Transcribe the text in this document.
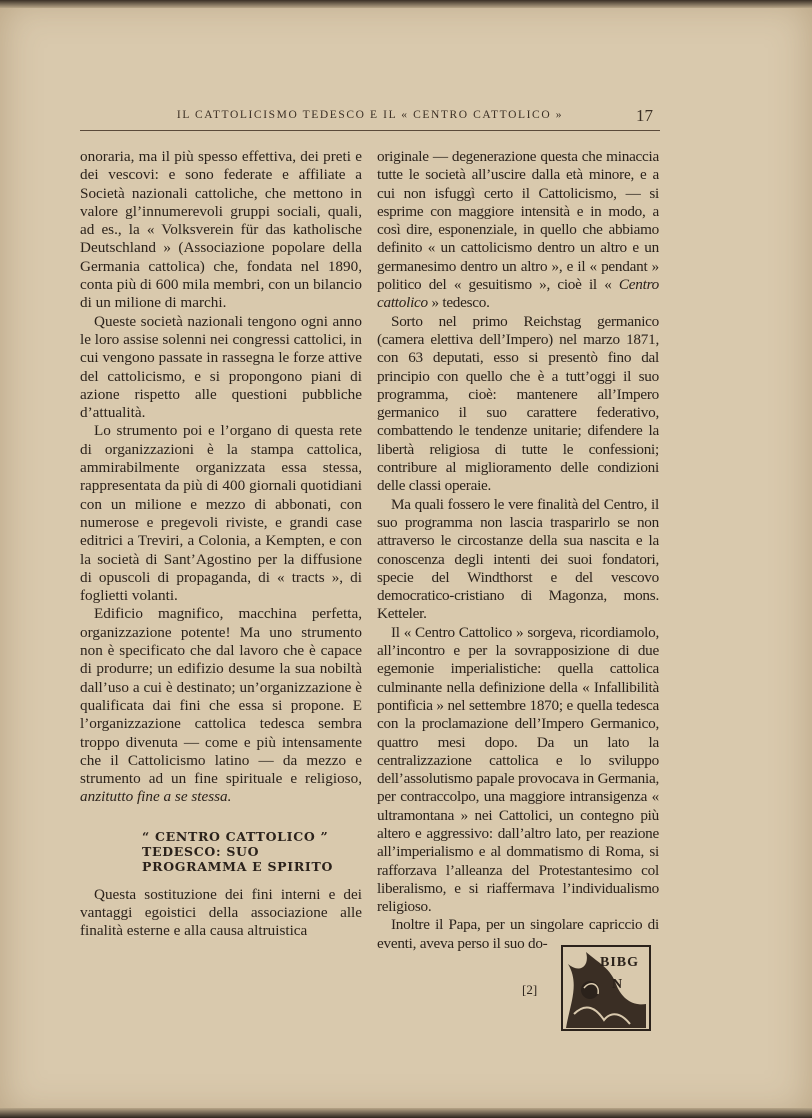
IL CATTOLICISMO TEDESCO E IL « CENTRO CATTOLICO »	17

onoraria, ma il più spesso effettiva, dei preti e dei vescovi: e sono federate e affiliate a Società nazionali cattoliche, che mettono in valore gl’innumerevoli gruppi sociali, quali, ad es., la « Volksverein für das katholische Deutschland » (Associazione popolare della Germania cattolica) che, fondata nel 1890, conta più di 600 mila membri, con un bilancio di un milione di marchi.

Queste società nazionali tengono ogni anno le loro assise solenni nei congressi cattolici, in cui vengono passate in rassegna le forze attive del cattolicismo, e si propongono piani di azione rispetto alle questioni pubbliche d’attualità.

Lo strumento poi e l’organo di questa rete di organizzazioni è la stampa cattolica, ammirabilmente organizzata essa stessa, rappresentata da più di 400 giornali quotidiani con un milione e mezzo di abbonati, con numerose e pregevoli riviste, e grandi case editrici a Treviri, a Colonia, a Kempten, e con la società di Sant’Agostino per la diffusione di opuscoli di propaganda, di « tracts », di foglietti volanti.

Edificio magnifico, macchina perfetta, organizzazione potente! Ma uno strumento non è specificato che dal lavoro che è capace di produrre; un edifizio desume la sua nobiltà dall’uso a cui è destinato; un’organizzazione è qualificata dai fini che essa si propone. E l’organizzazione cattolica tedesca sembra troppo divenuta — come e più intensamente che il Cattolicismo latino — da mezzo e strumento ad un fine spirituale e religioso, anzitutto fine a se stessa.

“ CENTRO CATTOLICO ” TEDESCO: SUO PROGRAMMA E SPIRITO

Questa sostituzione dei fini interni e dei vantaggi egoistici della associazione alle finalità esterne e alla causa altruistica

originale — degenerazione questa che minaccia tutte le società all’uscire dalla età minore, e a cui non isfuggì certo il Cattolicismo, — si esprime con maggiore intensità e in modo, a così dire, esponenziale, in quello che abbiamo definito « un cattolicismo dentro un altro e un germanesimo dentro un altro », e il « pendant » politico del « gesuitismo », cioè il « Centro cattolico » tedesco.

Sorto nel primo Reichstag germanico (camera elettiva dell’Impero) nel marzo 1871, con 63 deputati, esso si presentò fino dal principio con quello che è a tutt’oggi il suo programma, cioè: mantenere all’Impero germanico il suo carattere federativo, combattendo le tendenze unitarie; difendere la libertà religiosa di tutte le confessioni; contribure al miglioramento delle condizioni delle classi operaie.

Ma quali fossero le vere finalità del Centro, il suo programma non lascia trasparirlo se non attraverso le circostanze della sua nascita e la conoscenza degli intenti dei suoi fondatori, specie del Windthorst e del vescovo democratico-cristiano di Magonza, mons. Ketteler.

Il « Centro Cattolico » sorgeva, ricordiamolo, all’incontro e per la sovrapposizione di due egemonie imperialistiche: quella cattolica culminante nella definizione della « Infallibilità pontificia » nel settembre 1870; e quella tedesca con la proclamazione dell’Impero Germanico, quattro mesi dopo. Da un lato la centralizzazione cattolica e lo sviluppo dell’assolutismo papale provocava in Germania, per contraccolpo, una maggiore intransigenza « ultramontana » nei Cattolici, un contegno più altero e aggressivo: dall’altro lato, per reazione all’imperialismo e al dommatismo di Roma, si rafforzava l’alleanza del Protestantesimo col liberalismo, e si riaffermava l’individualismo religioso.

Inoltre il Papa, per un singolare capriccio di eventi, aveva perso il suo do-

[2]
BIBG
N
